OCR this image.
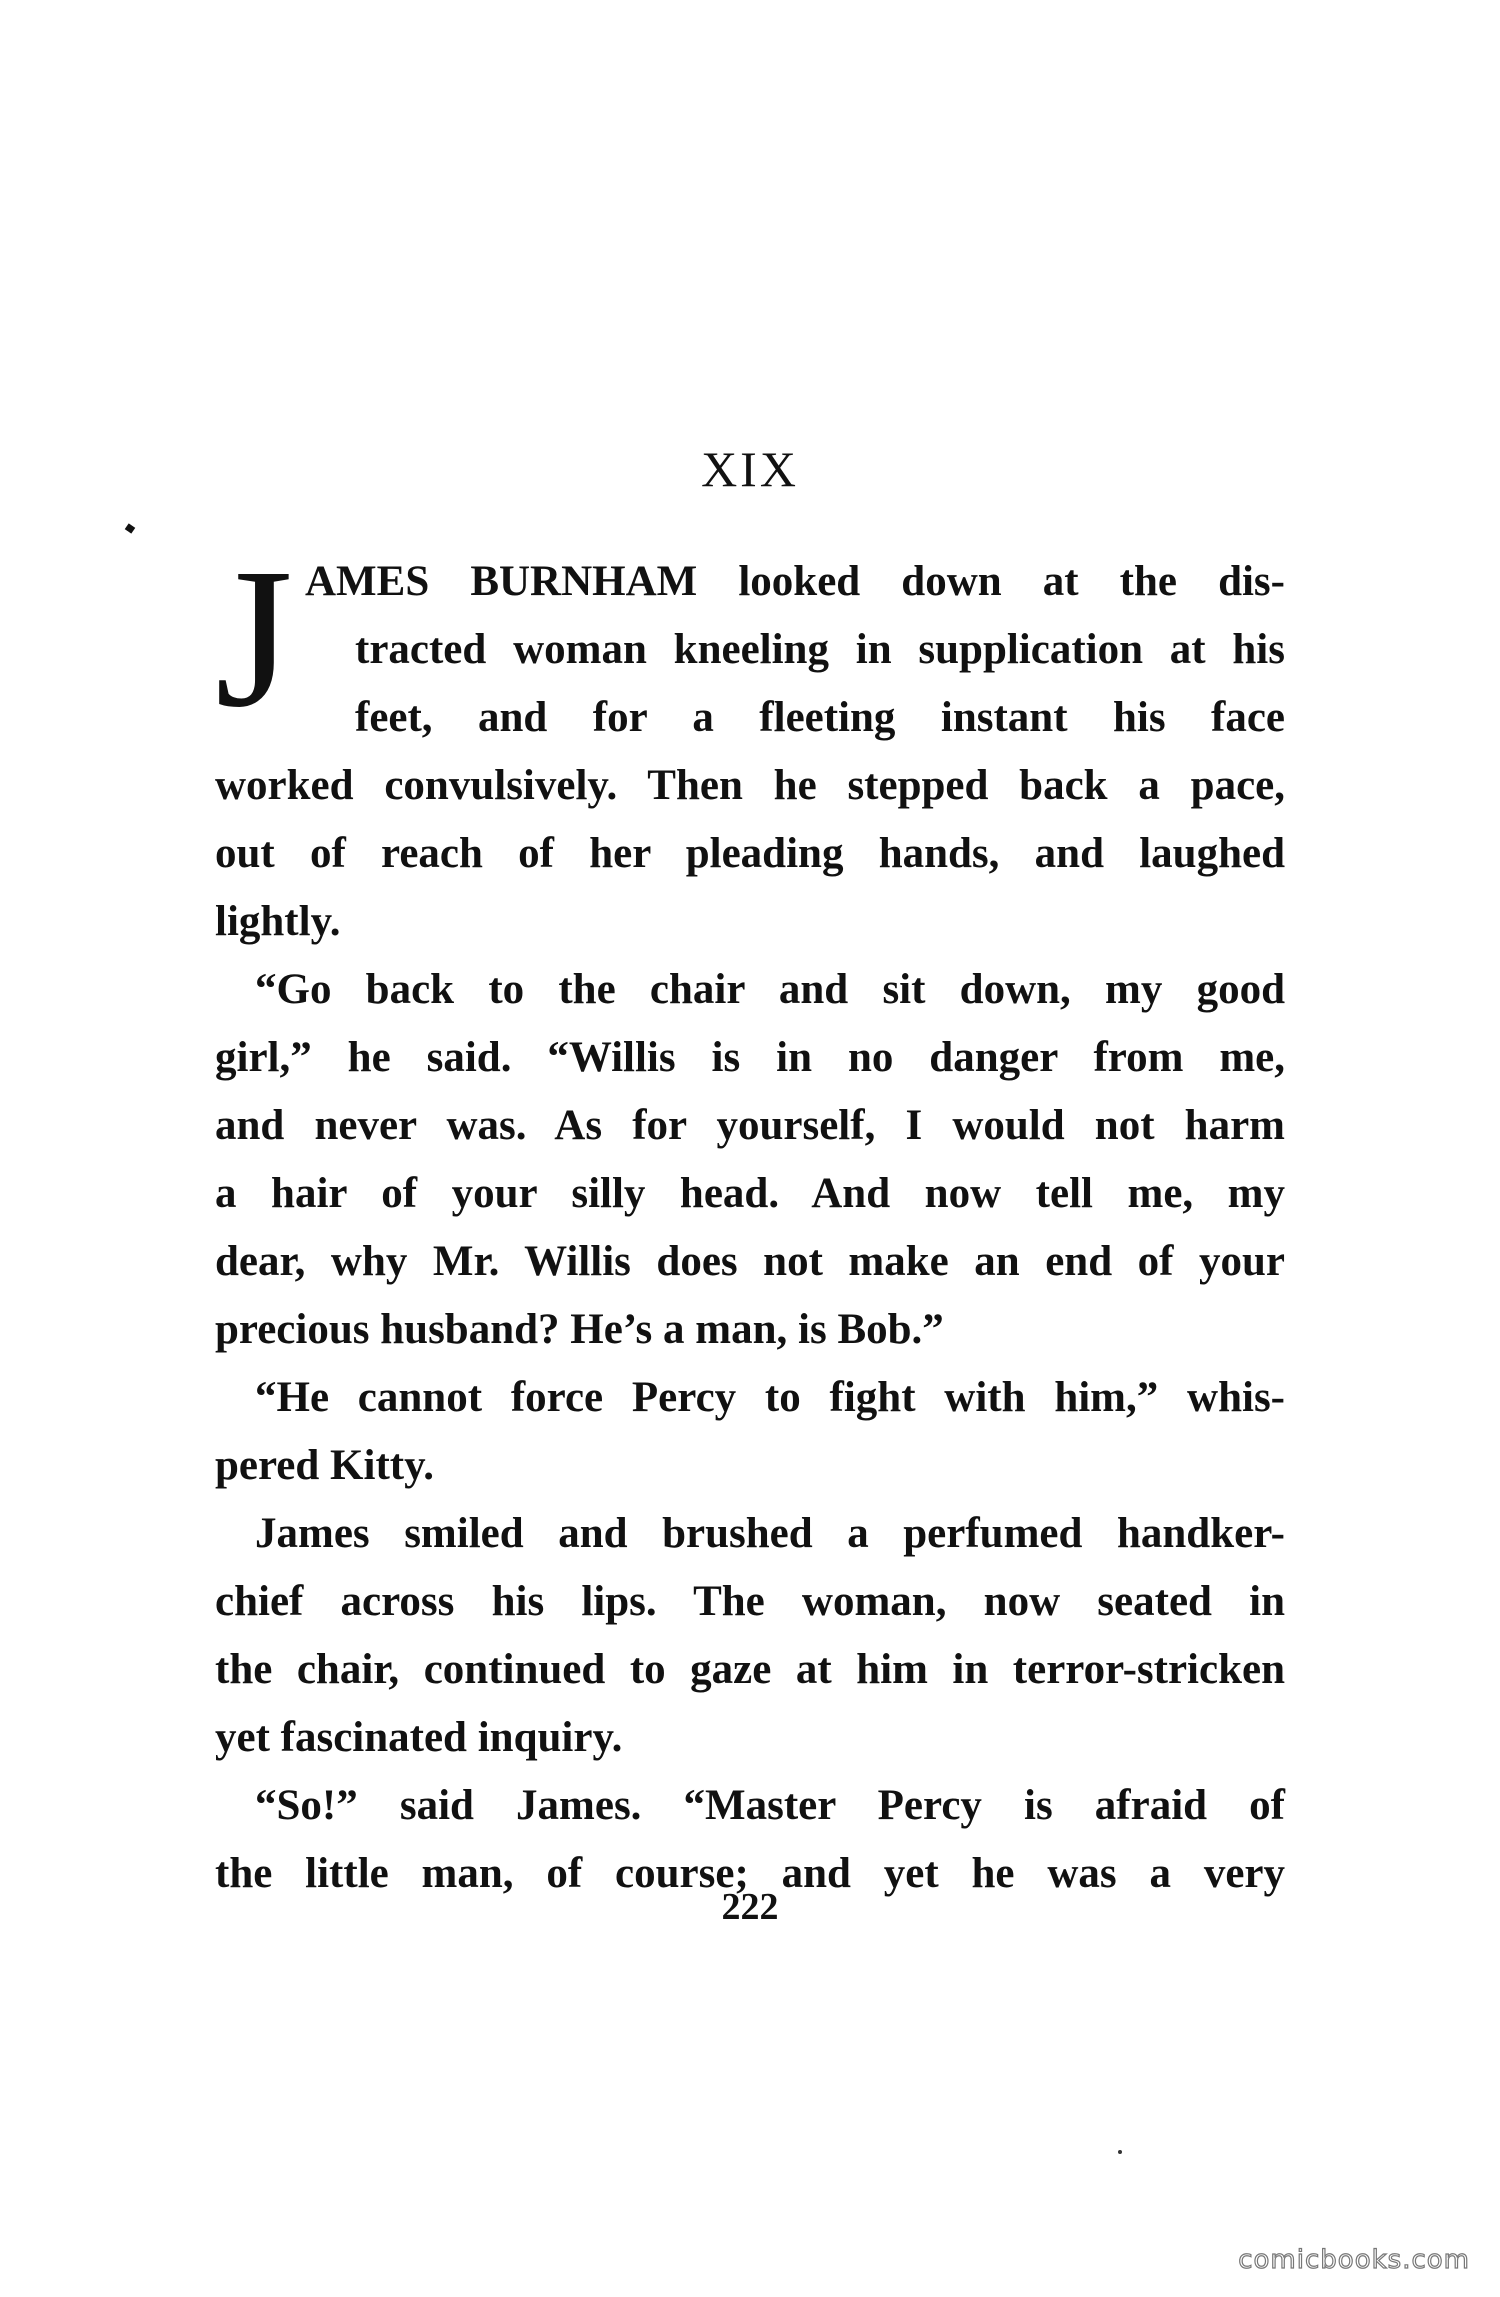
XIX
J AMES BURNHAM looked down at the dis-
tracted woman kneeling in supplication at his
feet, and for a fleeting instant his face
worked convulsively. Then he stepped back a pace,
out of reach of her pleading hands, and laughed
lightly.
“Go back to the chair and sit down, my good
girl,” he said. “Willis is in no danger from me,
and never was. As for yourself, I would not harm
a hair of your silly head. And now tell me, my
dear, why Mr. Willis does not make an end of your
precious husband? He’s a man, is Bob.”
“He cannot force Percy to fight with him,” whis-
pered Kitty.
James smiled and brushed a perfumed handker-
chief across his lips. The woman, now seated in
the chair, continued to gaze at him in terror-stricken
yet fascinated inquiry.
“So!” said James. “Master Percy is afraid of
the little man, of course; and yet he was a very
222
comicbooks.com
